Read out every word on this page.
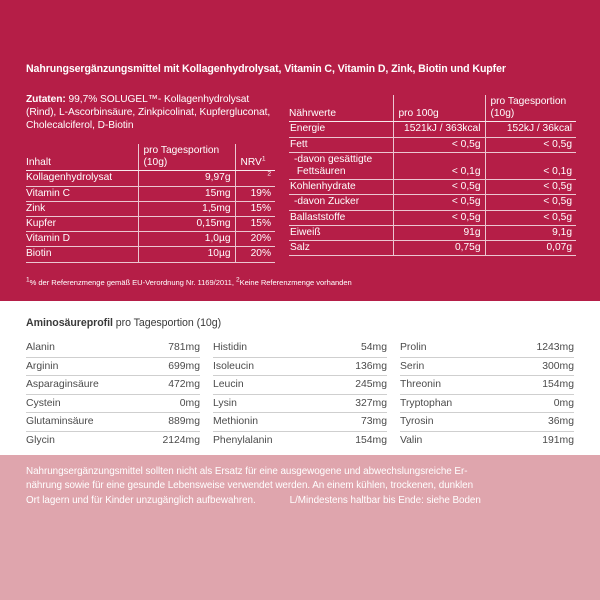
Nahrungsergänzungsmittel mit Kollagenhydrolysat, Vitamin C, Vitamin D, Zink, Biotin und Kupfer
Zutaten: 99,7% SOLUGEL™- Kollagenhydrolysat (Rind), L-Ascorbinsäure, Zinkpicolinat, Kupfergluconat, Cholecalciferol, D-Biotin
Inhalt	pro Tagesportion (10g)	NRV$^1$
Kollagenhydrolysat	9,97g	$^2$
Vitamin C	15mg	19%
Zink	1,5mg	15%
Kupfer	0,15mg	15%
Vitamin D	1,0µg	20%
Biotin	10µg	20%
Nährwerte	pro 100g	pro Tagesportion (10g)
Energie	1521kJ / 363kcal	152kJ / 36kcal
Fett	< 0,5g	< 0,5g
-davon gesättigte
Fettsäuren	< 0,1g	< 0,1g
Kohlenhydrate	< 0,5g	< 0,5g
-davon Zucker	< 0,5g	< 0,5g
Ballaststoffe	< 0,5g	< 0,5g
Eiweiß	91g	9,1g
Salz	0,75g	0,07g
$^1$% der Referenzmenge gemäß EU-Verordnung Nr. 1169/2011, $^2$Keine Referenzmenge vorhanden
Aminosäureprofil pro Tagesportion (10g)
Alanin	781mg
Arginin	699mg
Asparaginsäure	472mg
Cystein	0mg
Glutaminsäure	889mg
Glycin	2124mg
Histidin	54mg
Isoleucin	136mg
Leucin	245mg
Lysin	327mg
Methionin	73mg
Phenylalanin	154mg
Prolin	1243mg
Serin	300mg
Threonin	154mg
Tryptophan	0mg
Tyrosin	36mg
Valin	191mg
Nahrungsergänzungsmittel sollten nicht als Ersatz für eine ausgewogene und abwechslungsreiche Er-
nährung sowie für eine gesunde Lebensweise verwendet werden. An einem kühlen, trockenen, dunklen
Ort lagern und für Kinder unzugänglich aufbewahren.	L/Mindestens haltbar bis Ende: siehe Boden
